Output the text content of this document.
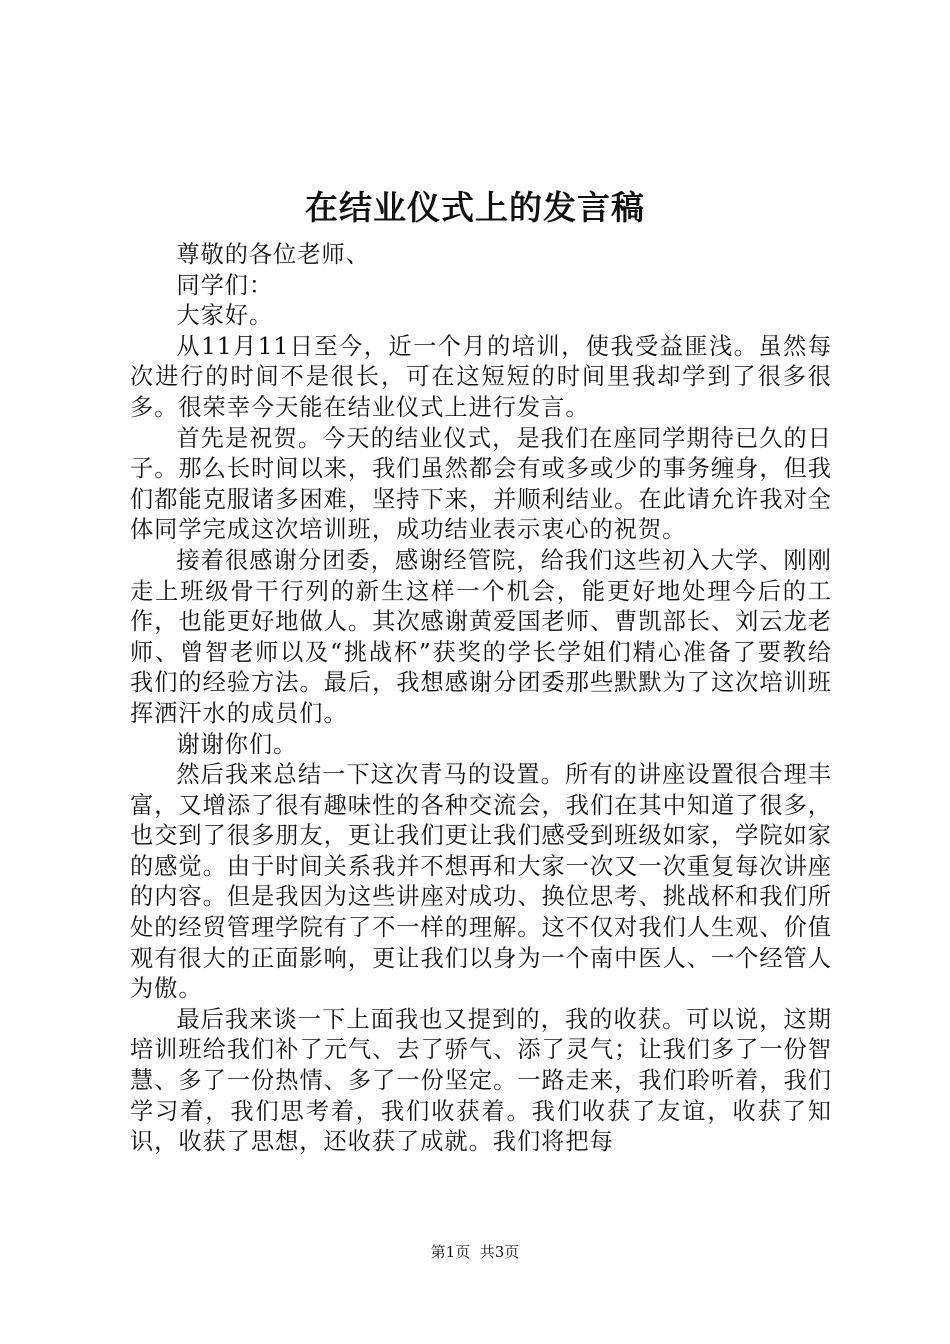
在结业仪式上的发言稿

尊敬的各位老师、

同学们：

大家好。

从11月11日至今，近一个月的培训，使我受益匪浅。虽然每次进行的时间不是很长，可在这短短的时间里我却学到了很多很多。很荣幸今天能在结业仪式上进行发言。

首先是祝贺。今天的结业仪式，是我们在座同学期待已久的日子。那么长时间以来，我们虽然都会有或多或少的事务缠身，但我们都能克服诸多困难，坚持下来，并顺利结业。在此请允许我对全体同学完成这次培训班，成功结业表示衷心的祝贺。

接着很感谢分团委，感谢经管院，给我们这些初入大学、刚刚走上班级骨干行列的新生这样一个机会，能更好地处理今后的工作，也能更好地做人。其次感谢黄爱国老师、曹凯部长、刘云龙老师、曾智老师以及“挑战杯”获奖的学长学姐们精心准备了要教给我们的经验方法。最后，我想感谢分团委那些默默为了这次培训班挥洒汗水的成员们。

谢谢你们。

然后我来总结一下这次青马的设置。所有的讲座设置很合理丰富，又增添了很有趣味性的各种交流会，我们在其中知道了很多，也交到了很多朋友，更让我们更让我们感受到班级如家，学院如家的感觉。由于时间关系我并不想再和大家一次又一次重复每次讲座的内容。但是我因为这些讲座对成功、换位思考、挑战杯和我们所处的经贸管理学院有了不一样的理解。这不仅对我们人生观、价值观有很大的正面影响，更让我们以身为一个南中医人、一个经管人为傲。

最后我来谈一下上面我也又提到的，我的收获。可以说，这期培训班给我们补了元气、去了骄气、添了灵气；让我们多了一份智慧、多了一份热情、多了一份坚定。一路走来，我们聆听着，我们学习着，我们思考着，我们收获着。我们收获了友谊，收获了知识，收获了思想，还收获了成就。我们将把每

第1页 共3页
